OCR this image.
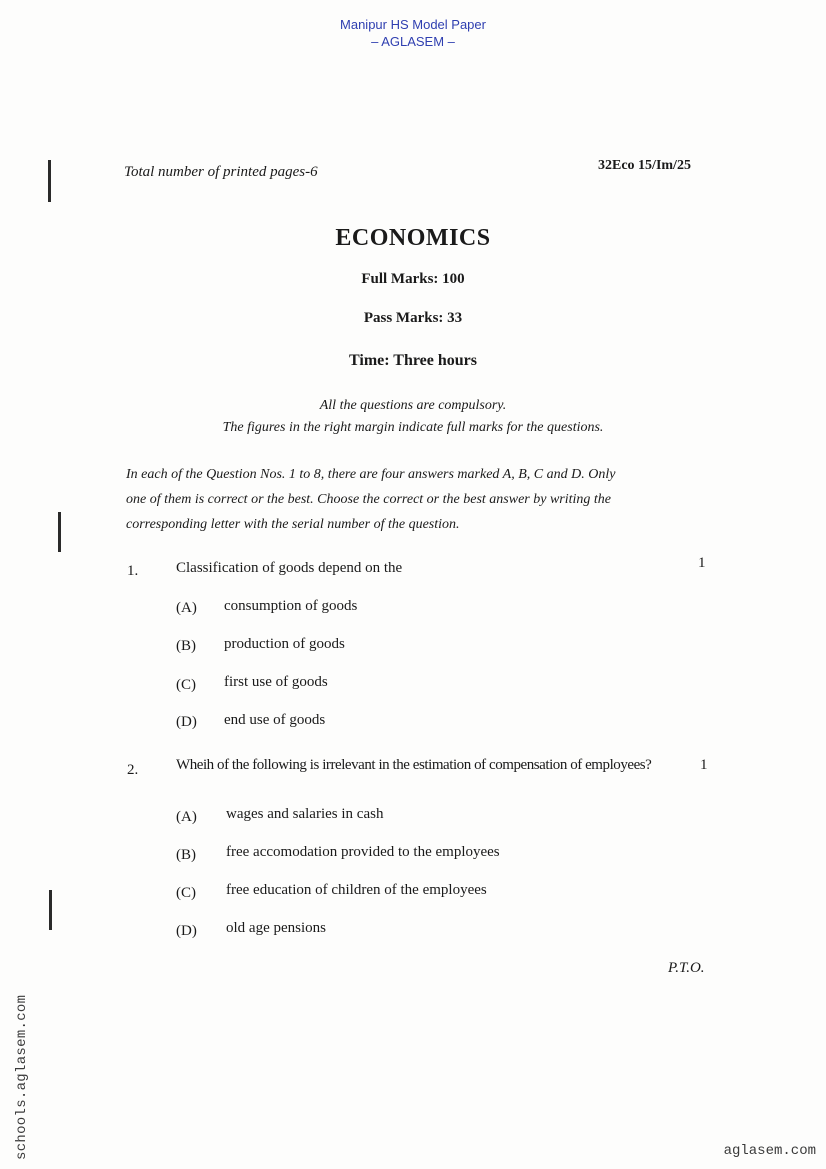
Manipur HS Model Paper
– AGLASEM –
Total number of printed pages-6	32Eco 15/Im/25
ECONOMICS
Full Marks: 100
Pass Marks: 33
Time: Three hours
All the questions are compulsory.
The figures in the right margin indicate full marks for the questions.
In each of the Question Nos. 1 to 8, there are four answers marked A, B, C and D. Only
one of them is correct or the best. Choose the correct or the best answer by writing the
corresponding letter with the serial number of the question.
1.	Classification of goods depend on the	1
(A) consumption of goods
(B) production of goods
(C) first use of goods
(D) end use of goods
2.	Wheih of the following is irrelevant in the estimation of compensation of employees?	1
(A) wages and salaries in cash
(B) free accomodation provided to the employees
(C) free education of children of the employees
(D) old age pensions
P.T.O.
schools.aglasem.com	aglasem.com
